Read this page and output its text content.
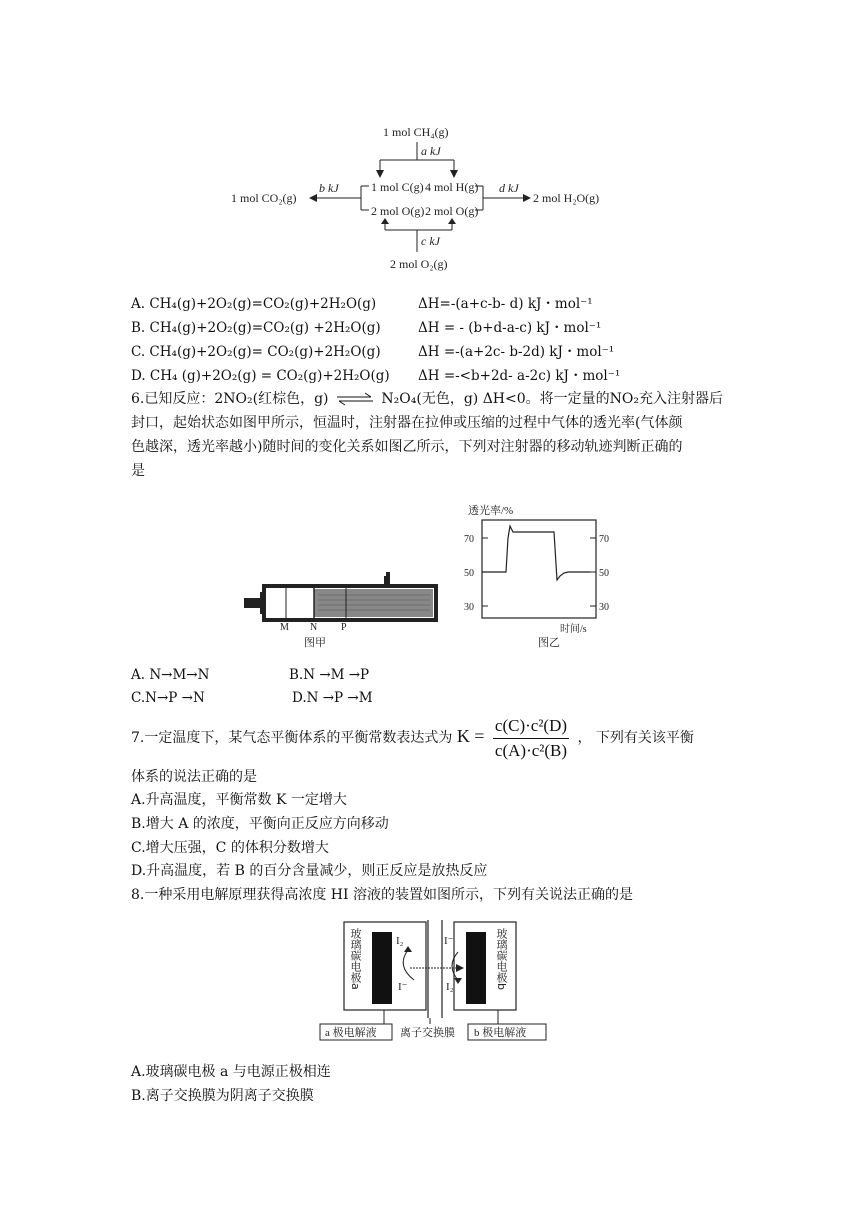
1 mol CH₄(g)
a kJ
1 mol C(g) 4 mol H(g)
2 mol O(g) 2 mol O(g)
b kJ	d kJ
c kJ
1 mol CO₂(g)	2 mol H₂O(g)
2 mol O₂(g)
A. CH₄(g)+2O₂(g)=CO₂(g)+2H₂O(g)	ΔH=-(a+c-b- d) kJ・mol⁻¹
B. CH₄(g)+2O₂(g)=CO₂(g) +2H₂O(g)	ΔH = - (b+d-a-c) kJ・mol⁻¹
C. CH₄(g)+2O₂(g)= CO₂(g)+2H₂O(g)	ΔH =-(a+2c- b-2d) kJ・mol⁻¹
D. CH₄ (g)+2O₂(g) = CO₂(g)+2H₂O(g) ΔH =-<b+2d- a-2c) kJ・mol⁻¹
6.已知反应：2NO₂(红棕色，g) ⇌ N₂O₄(无色，g) ΔH<0。将一定量的NO₂充入注射器后
封口，起始状态如图甲所示，恒温时，注射器在拉伸或压缩的过程中气体的透光率(气体颜
色越深，透光率越小)随时间的变化关系如图乙所示，下列对注射器的移动轨迹判断正确的
是
M N P
图甲
透光率/%
70
50
30
70
50
30
时间/s
图乙
A. N→M→N	B.N →M →P
C.N→P →N	D.N →P →M
7.一定温度下，某气态平衡体系的平衡常数表达式为 $K = \frac{\text{c(C)·c²(D)}}{\text{c(A)·c²(B)}}$ ， 下列有关该平衡
体系的说法正确的是
A.升高温度，平衡常数 K 一定增大
B.增大 A 的浓度，平衡向正反应方向移动
C.增大压强，C 的体积分数增大
D.升高温度，若 B 的百分含量减少，则正反应是放热反应
8.一种采用电解原理获得高浓度 HI 溶液的装置如图所示，下列有关说法正确的是
I₂
I⁻
I⁻
I₂
玻璃碳电极a	玻璃碳电极b
a 极电解液 离子交换膜 b 极电解液
A.玻璃碳电极 a 与电源正极相连
B.离子交换膜为阴离子交换膜
